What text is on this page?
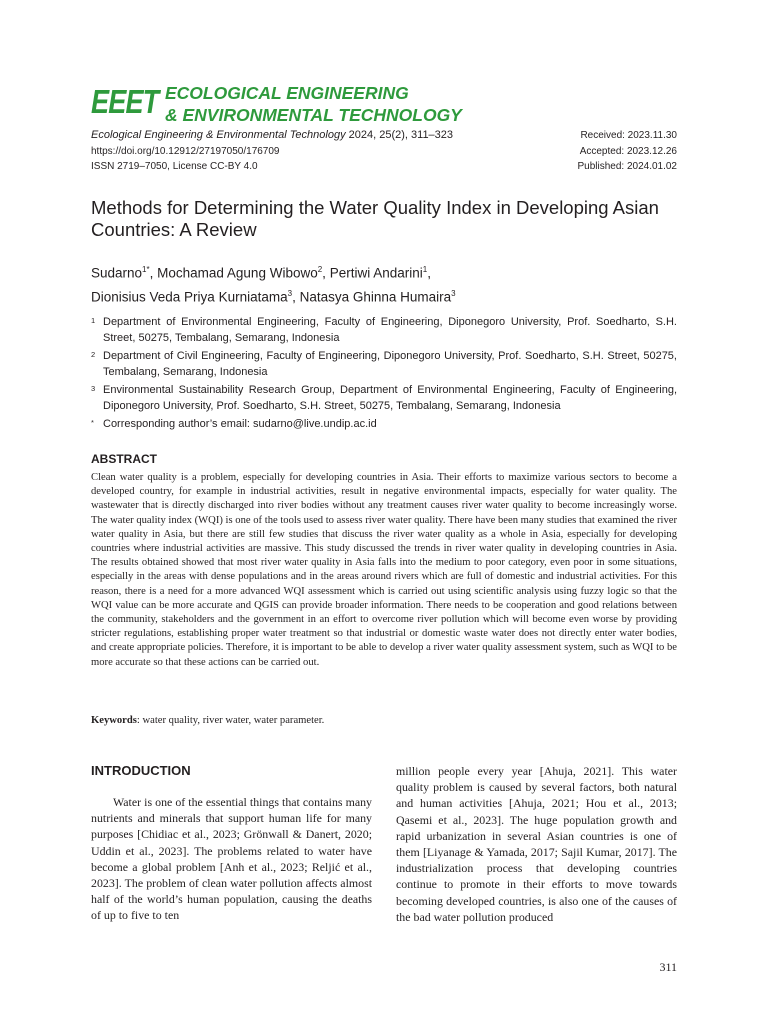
EEET ECOLOGICAL ENGINEERING
& ENVIRONMENTAL TECHNOLOGY
Ecological Engineering & Environmental Technology 2024, 25(2), 311–323
https://doi.org/10.12912/27197050/176709
ISSN 2719–7050, License CC-BY 4.0
Received: 2023.11.30
Accepted: 2023.12.26
Published: 2024.01.02
Methods for Determining the Water Quality Index in Developing Asian Countries: A Review
Sudarno$^{1*}$, Mochamad Agung Wibowo$^2$, Pertiwi Andarini$^1$,
Dionisius Veda Priya Kurniatama$^3$, Natasya Ghinna Humaira$^3$
1 Department of Environmental Engineering, Faculty of Engineering, Diponegoro University, Prof. Soedharto, S.H. Street, 50275, Tembalang, Semarang, Indonesia
2 Department of Civil Engineering, Faculty of Engineering, Diponegoro University, Prof. Soedharto, S.H. Street, 50275, Tembalang, Semarang, Indonesia
3 Environmental Sustainability Research Group, Department of Environmental Engineering, Faculty of Engineering, Diponegoro University, Prof. Soedharto, S.H. Street, 50275, Tembalang, Semarang, Indonesia
* Corresponding author’s email: sudarno@live.undip.ac.id
ABSTRACT
Clean water quality is a problem, especially for developing countries in Asia. Their efforts to maximize various sectors to become a developed country, for example in industrial activities, result in negative environmental impacts, especially for water quality. The wastewater that is directly discharged into river bodies without any treatment causes river water quality to become increasingly worse. The water quality index (WQI) is one of the tools used to assess river water quality. There have been many studies that examined the river water quality in Asia, but there are still few studies that discuss the river water quality as a whole in Asia, especially for developing countries where industrial activities are massive. This study discussed the trends in river water quality in developing countries in Asia. The results obtained showed that most river water quality in Asia falls into the medium to poor category, even poor in some situations, especially in the areas with dense populations and in the areas around rivers which are full of domestic and industrial activities. For this reason, there is a need for a more advanced WQI assessment which is carried out using scientific analysis using fuzzy logic so that the WQI value can be more accurate and QGIS can provide broader information. There needs to be cooperation and good relations between the community, stakeholders and the government in an effort to overcome river pollution which will become even worse by providing stricter regulations, establishing proper water treatment so that industrial or domestic waste water does not directly enter water bodies, and create appropriate policies. Therefore, it is important to be able to develop a river water quality assessment system, such as WQI to be more accurate so that these actions can be carried out.
Keywords: water quality, river water, water parameter.
INTRODUCTION

Water is one of the essential things that contains many nutrients and minerals that support human life for many purposes [Chidiac et al., 2023; Grönwall & Danert, 2020; Uddin et al., 2023]. The problems related to water have become a global problem [Anh et al., 2023; Reljić et al., 2023]. The problem of clean water pollution affects almost half of the world’s human population, causing the deaths of up to five to ten

million people every year [Ahuja, 2021]. This water quality problem is caused by several factors, both natural and human activities [Ahuja, 2021; Hou et al., 2013; Qasemi et al., 2023]. The huge population growth and rapid urbanization in several Asian countries is one of them [Liyanage & Yamada, 2017; Sajil Kumar, 2017]. The industrialization process that developing countries continue to promote in their efforts to move towards becoming developed countries, is also one of the causes of the bad water pollution produced

311
